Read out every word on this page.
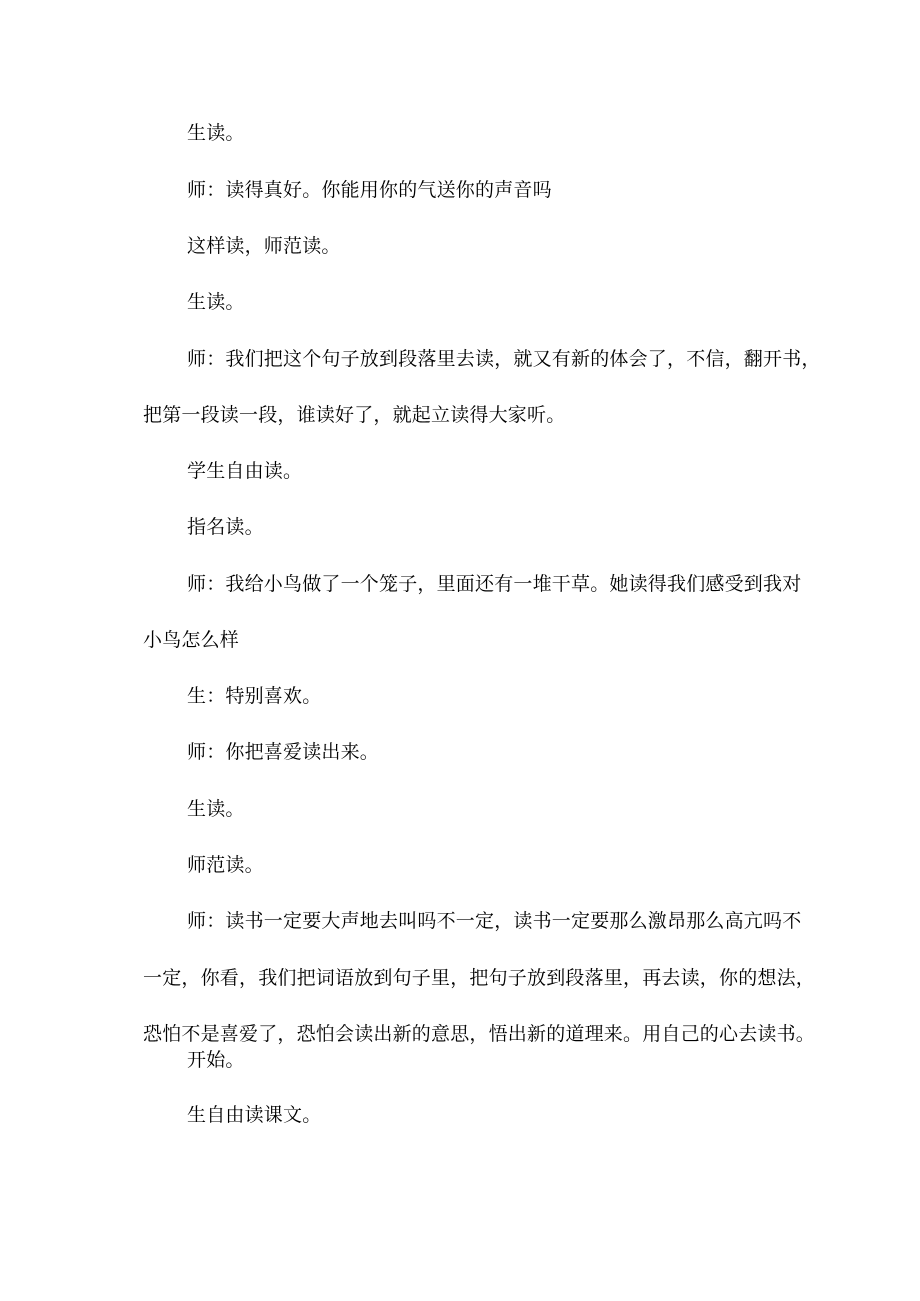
生读。
师：读得真好。你能用你的气送你的声音吗
这样读，师范读。
生读。
师：我们把这个句子放到段落里去读，就又有新的体会了，不信，翻开书，
把第一段读一段，谁读好了，就起立读得大家听。
学生自由读。
指名读。
师：我给小鸟做了一个笼子，里面还有一堆干草。她读得我们感受到我对
小鸟怎么样
生：特别喜欢。
师：你把喜爱读出来。
生读。
师范读。
师：读书一定要大声地去叫吗不一定，读书一定要那么激昂那么高亢吗不
一定，你看，我们把词语放到句子里，把句子放到段落里，再去读，你的想法，
恐怕不是喜爱了，恐怕会读出新的意思，悟出新的道理来。用自己的心去读书。
开始。
生自由读课文。
